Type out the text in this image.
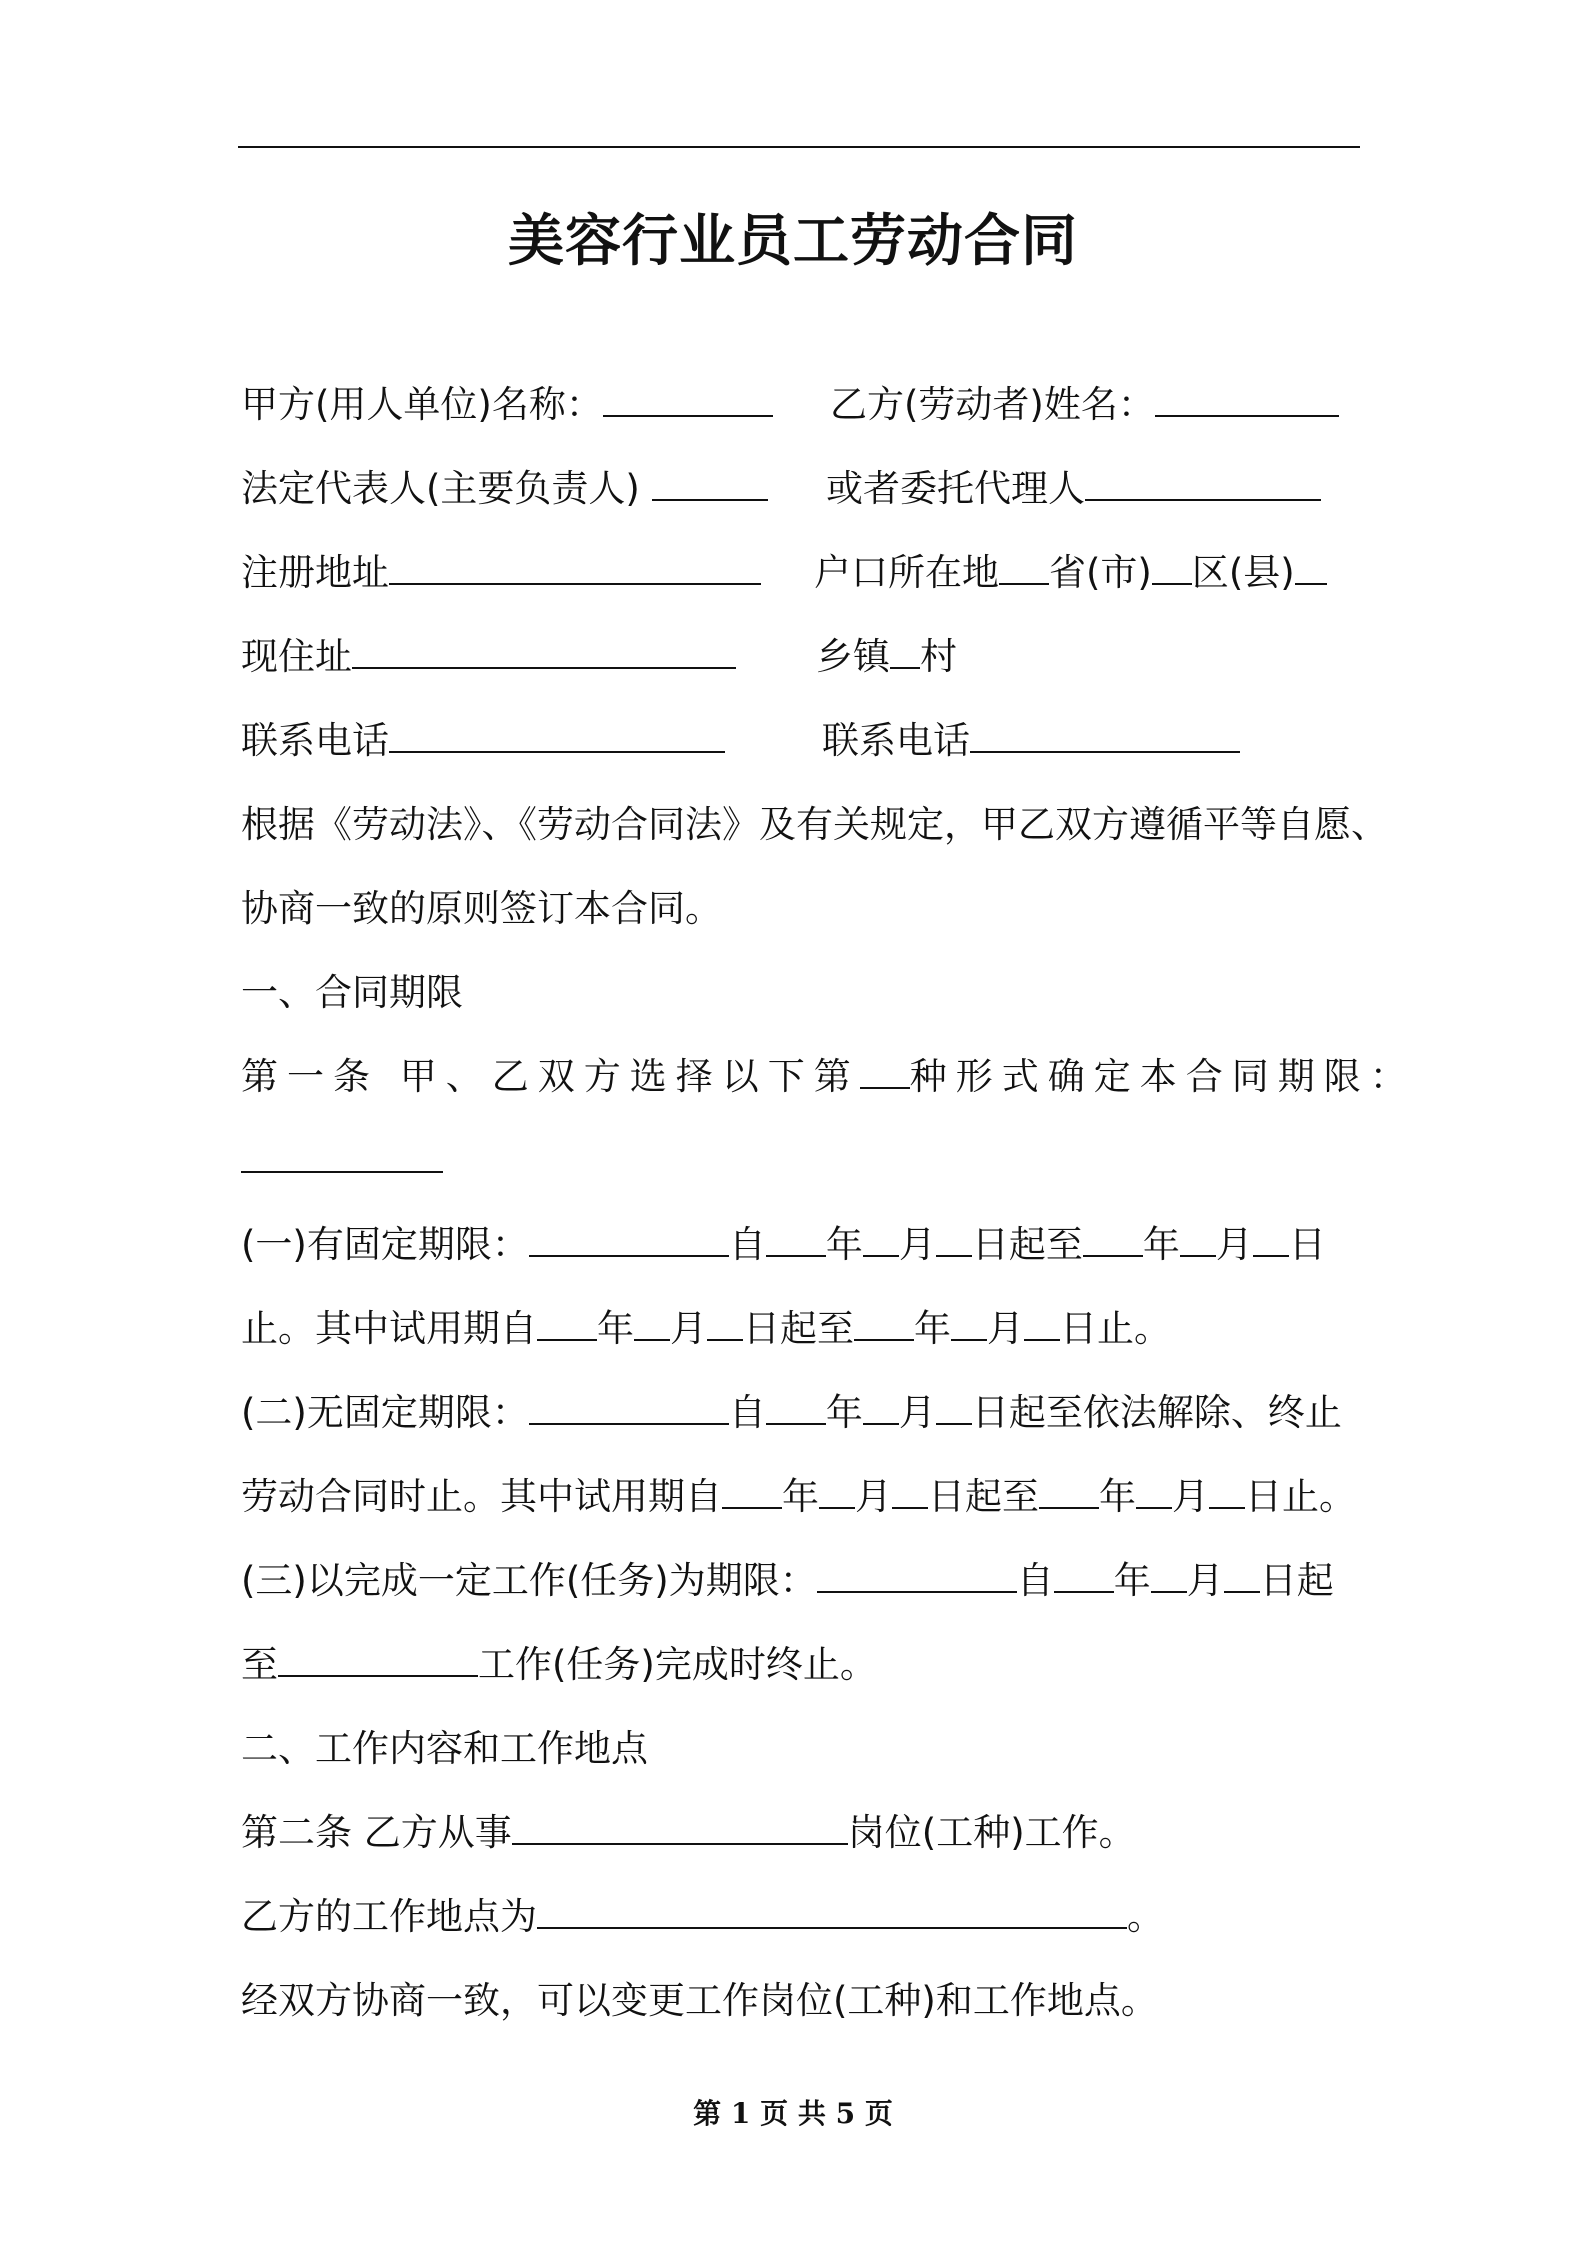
美容行业员工劳动合同
甲方(用人单位)名称：	乙方(劳动者)姓名：
法定代表人(主要负责人)	或者委托代理人
注册地址	户口所在地 省(市) 区(县)
现住址	乡镇 村
联系电话	联系电话
根据《劳动法》、《劳动合同法》及有关规定，甲乙双方遵循平等自愿、
协商一致的原则签订本合同。
一、合同期限
第一条 甲、乙双方选择以下第 种形式确定本合同期限：
(一)有固定期限：	自 年 月 日起至 年 月 日
止。其中试用期自 年 月 日起至 年 月 日止。
(二)无固定期限：	自 年 月 日起至依法解除、终止
劳动合同时止。其中试用期自 年 月 日起至 年 月 日止。
(三)以完成一定工作(任务)为期限：	自 年 月 日起
至	工作(任务)完成时终止。
二、工作内容和工作地点
第二条 乙方从事	岗位(工种)工作。
乙方的工作地点为	。
经双方协商一致，可以变更工作岗位(工种)和工作地点。
第 1 页 共 5 页
